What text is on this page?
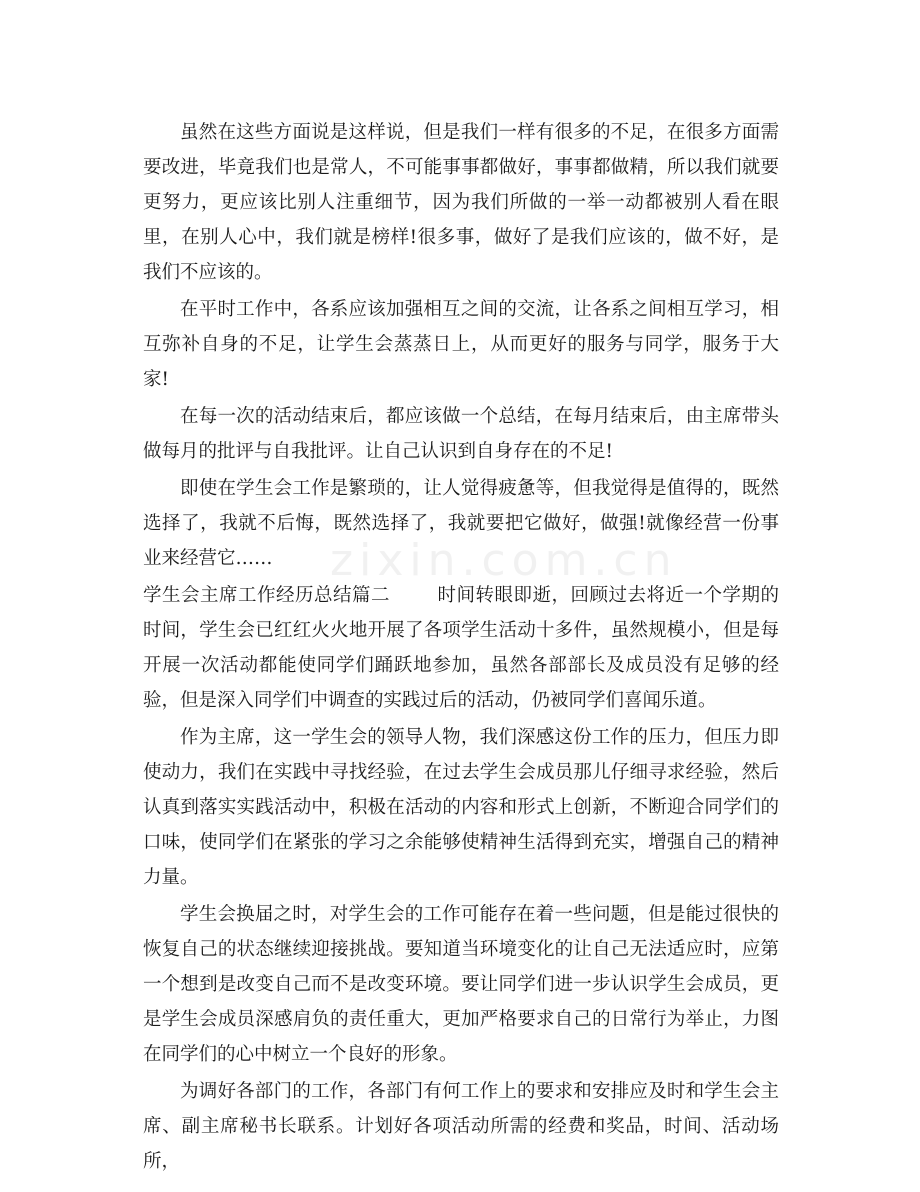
zixin.com.cn

虽然在这些方面说是这样说，但是我们一样有很多的不足，在很多方面需要改进，毕竟我们也是常人，不可能事事都做好，事事都做精，所以我们就要更努力，更应该比别人注重细节，因为我们所做的一举一动都被别人看在眼里，在别人心中，我们就是榜样!很多事，做好了是我们应该的，做不好，是我们不应该的。

在平时工作中，各系应该加强相互之间的交流，让各系之间相互学习，相互弥补自身的不足，让学生会蒸蒸日上，从而更好的服务与同学，服务于大家!

在每一次的活动结束后，都应该做一个总结，在每月结束后，由主席带头做每月的批评与自我批评。让自己认识到自身存在的不足!

即使在学生会工作是繁琐的，让人觉得疲惫等，但我觉得是值得的，既然选择了，我就不后悔，既然选择了，我就要把它做好，做强!就像经营一份事业来经营它……

学生会主席工作经历总结篇二	时间转眼即逝，回顾过去将近一个学期的时间，学生会已红红火火地开展了各项学生活动十多件，虽然规模小，但是每开展一次活动都能使同学们踊跃地参加，虽然各部部长及成员没有足够的经验，但是深入同学们中调查的实践过后的活动，仍被同学们喜闻乐道。

作为主席，这一学生会的领导人物，我们深感这份工作的压力，但压力即使动力，我们在实践中寻找经验，在过去学生会成员那儿仔细寻求经验，然后认真到落实实践活动中，积极在活动的内容和形式上创新，不断迎合同学们的口味，使同学们在紧张的学习之余能够使精神生活得到充实，增强自己的精神力量。

学生会换届之时，对学生会的工作可能存在着一些问题，但是能过很快的恢复自己的状态继续迎接挑战。要知道当环境变化的让自己无法适应时，应第一个想到是改变自己而不是改变环境。要让同学们进一步认识学生会成员，更是学生会成员深感肩负的责任重大，更加严格要求自己的日常行为举止，力图在同学们的心中树立一个良好的形象。

为调好各部门的工作，各部门有何工作上的要求和安排应及时和学生会主席、副主席秘书长联系。计划好各项活动所需的经费和奖品，时间、活动场所，
